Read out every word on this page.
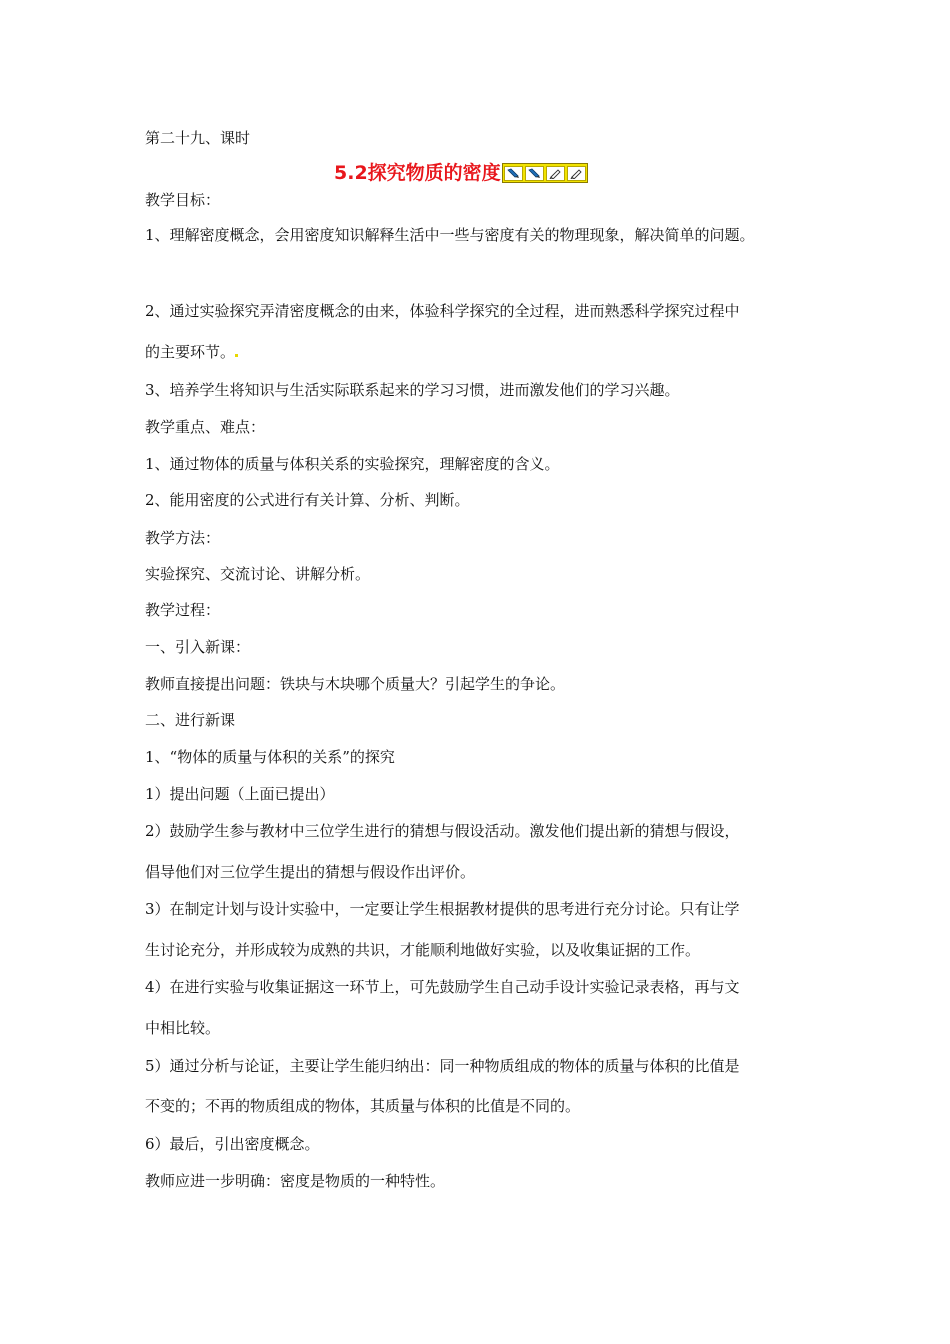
第二十九、课时
5.2探究物质的密度
教学目标：
1、理解密度概念，会用密度知识解释生活中一些与密度有关的物理现象，解决简单的问题。
2、通过实验探究弄清密度概念的由来，体验科学探究的全过程，进而熟悉科学探究过程中
的主要环节。
3、培养学生将知识与生活实际联系起来的学习习惯，进而激发他们的学习兴趣。
教学重点、难点：
1、通过物体的质量与体积关系的实验探究，理解密度的含义。
2、能用密度的公式进行有关计算、分析、判断。
教学方法：
实验探究、交流讨论、讲解分析。
教学过程：
一、引入新课：
教师直接提出问题：铁块与木块哪个质量大？引起学生的争论。
二、进行新课
1、“物体的质量与体积的关系”的探究
1）提出问题（上面已提出）
2）鼓励学生参与教材中三位学生进行的猜想与假设活动。激发他们提出新的猜想与假设，
倡导他们对三位学生提出的猜想与假设作出评价。
3）在制定计划与设计实验中，一定要让学生根据教材提供的思考进行充分讨论。只有让学
生讨论充分，并形成较为成熟的共识，才能顺利地做好实验，以及收集证据的工作。
4）在进行实验与收集证据这一环节上，可先鼓励学生自己动手设计实验记录表格，再与文
中相比较。
5）通过分析与论证，主要让学生能归纳出：同一种物质组成的物体的质量与体积的比值是
不变的；不再的物质组成的物体，其质量与体积的比值是不同的。
6）最后，引出密度概念。
教师应进一步明确：密度是物质的一种特性。
